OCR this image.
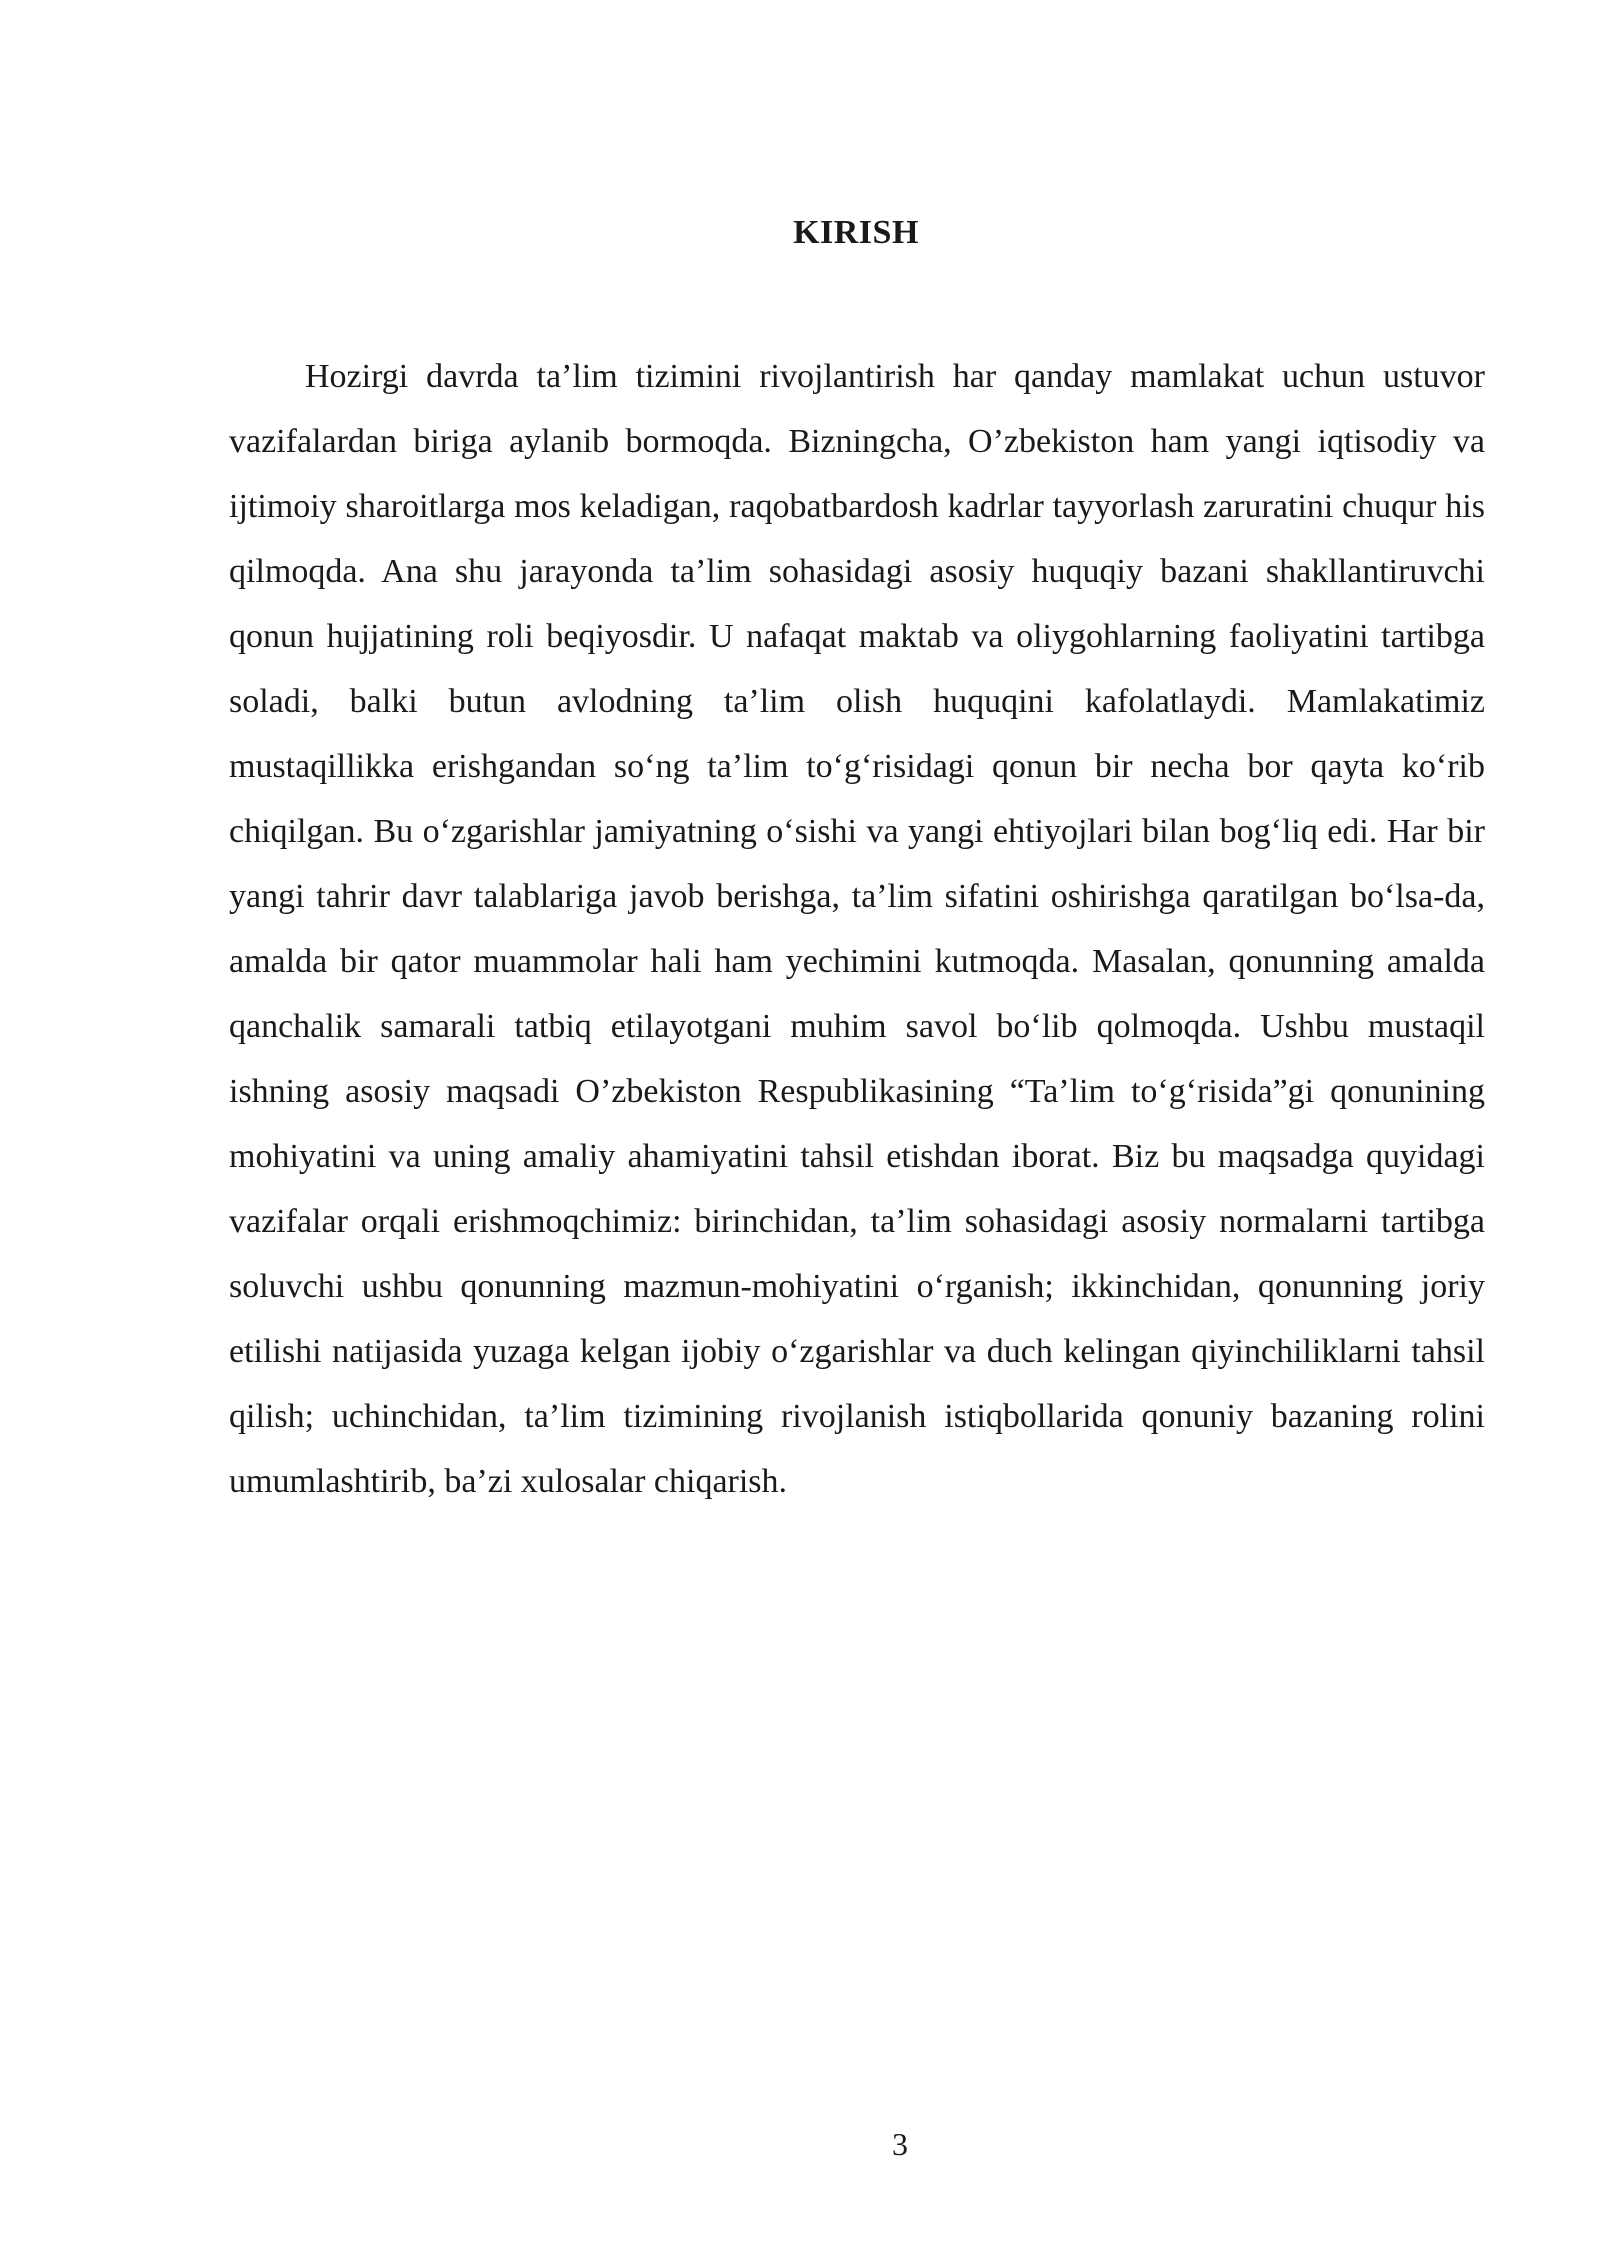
KIRISH

Hozirgi davrda ta’lim tizimini rivojlantirish har qanday mamlakat uchun ustuvor vazifalardan biriga aylanib bormoqda. Bizningcha, O’zbekiston ham yangi iqtisodiy va ijtimoiy sharoitlarga mos keladigan, raqobatbardosh kadrlar tayyorlash zaruratini chuqur his qilmoqda. Ana shu jarayonda ta’lim sohasidagi asosiy huquqiy bazani shakllantiruvchi qonun hujjatining roli beqiyosdir. U nafaqat maktab va oliygohlarning faoliyatini tartibga soladi, balki butun avlodning ta’lim olish huquqini kafolatlaydi. Mamlakatimiz mustaqillikka erishgandan so‘ng ta’lim to‘g‘risidagi qonun bir necha bor qayta ko‘rib chiqilgan. Bu o‘zgarishlar jamiyatning o‘sishi va yangi ehtiyojlari bilan bog‘liq edi. Har bir yangi tahrir davr talablariga javob berishga, ta’lim sifatini oshirishga qaratilgan bo‘lsa-da, amalda bir qator muammolar hali ham yechimini kutmoqda. Masalan, qonunning amalda qanchalik samarali tatbiq etilayotgani muhim savol bo‘lib qolmoqda. Ushbu mustaqil ishning asosiy maqsadi O’zbekiston Respublikasining “Ta’lim to‘g‘risida”gi qonunining mohiyatini va uning amaliy ahamiyatini tahsil etishdan iborat. Biz bu maqsadga quyidagi vazifalar orqali erishmoqchimiz: birinchidan, ta’lim sohasidagi asosiy normalarni tartibga soluvchi ushbu qonunning mazmun-mohiyatini o‘rganish; ikkinchidan, qonunning joriy etilishi natijasida yuzaga kelgan ijobiy o‘zgarishlar va duch kelingan qiyinchiliklarni tahsil qilish; uchinchidan, ta’lim tizimining rivojlanish istiqbollarida qonuniy bazaning rolini umumlashtirib, ba’zi xulosalar chiqarish.

3
